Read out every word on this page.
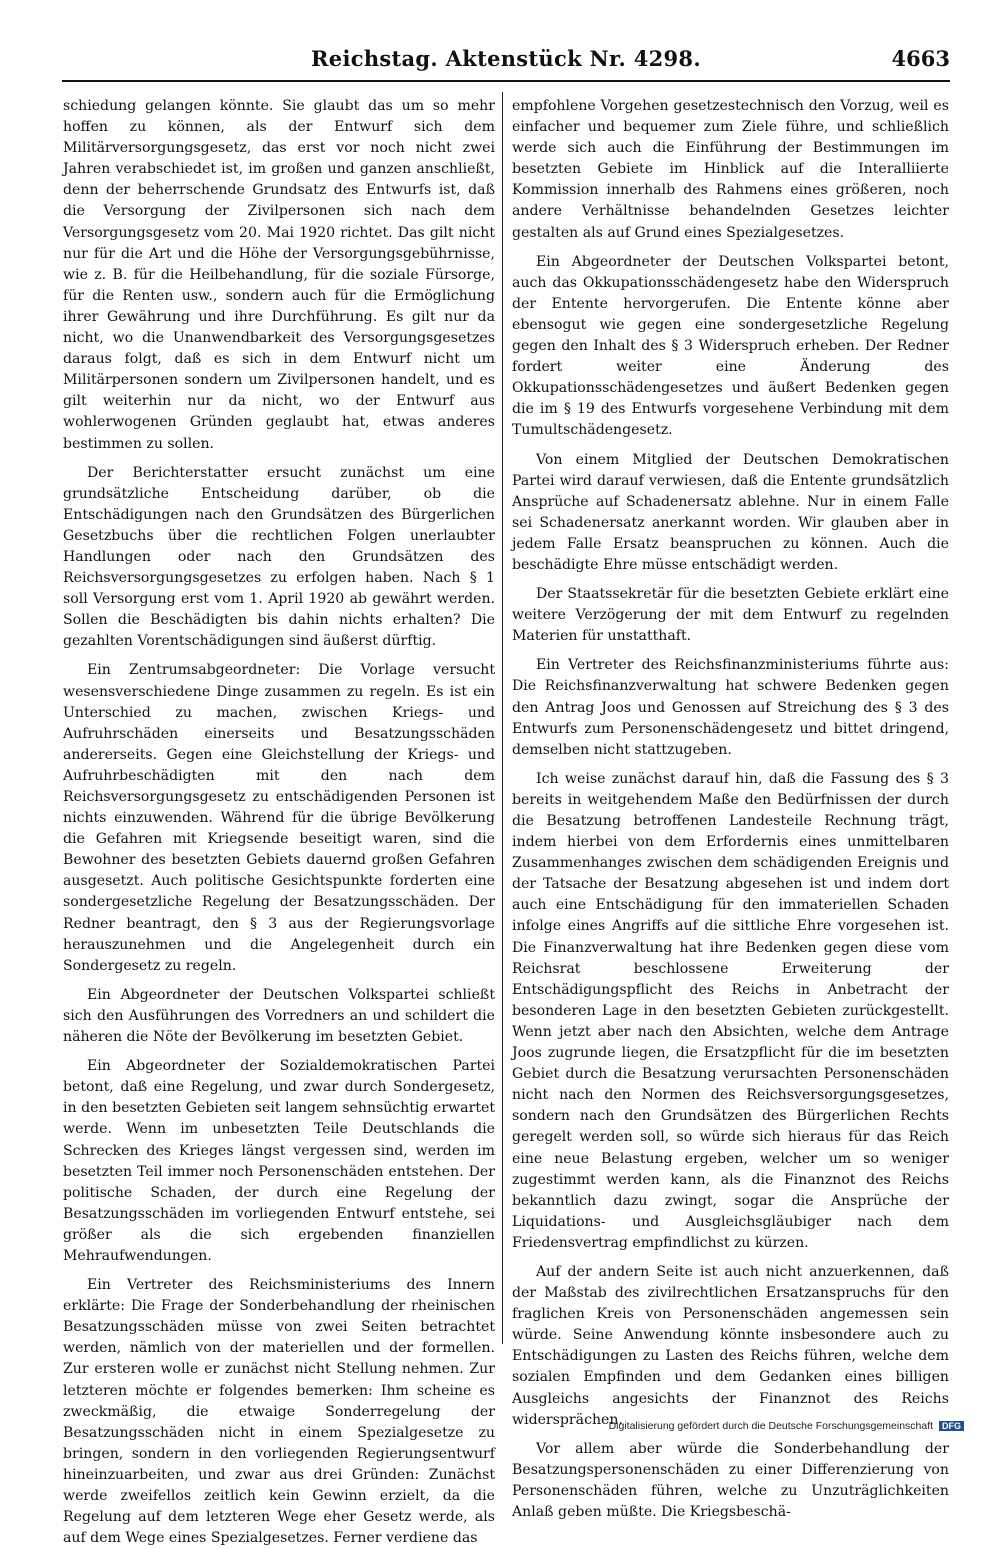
Reichstag. Aktenstück Nr. 4298.	4663

schiedung gelangen könnte. Sie glaubt das um so mehr hoffen zu können, als der Entwurf sich dem Militärversorgungsgesetz, das erst vor noch nicht zwei Jahren verabschiedet ist, im großen und ganzen anschließt, denn der beherrschende Grundsatz des Entwurfs ist, daß die Versorgung der Zivilpersonen sich nach dem Versorgungsgesetz vom 20. Mai 1920 richtet. Das gilt nicht nur für die Art und die Höhe der Versorgungsgebührnisse, wie z. B. für die Heilbehandlung, für die soziale Fürsorge, für die Renten usw., sondern auch für die Ermöglichung ihrer Gewährung und ihre Durchführung. Es gilt nur da nicht, wo die Unanwendbarkeit des Versorgungsgesetzes daraus folgt, daß es sich in dem Entwurf nicht um Militärpersonen sondern um Zivilpersonen handelt, und es gilt weiterhin nur da nicht, wo der Entwurf aus wohlerwogenen Gründen geglaubt hat, etwas anderes bestimmen zu sollen.

Der Berichterstatter ersucht zunächst um eine grundsätzliche Entscheidung darüber, ob die Entschädigungen nach den Grundsätzen des Bürgerlichen Gesetzbuchs über die rechtlichen Folgen unerlaubter Handlungen oder nach den Grundsätzen des Reichsversorgungsgesetzes zu erfolgen haben. Nach § 1 soll Versorgung erst vom 1. April 1920 ab gewährt werden. Sollen die Beschädigten bis dahin nichts erhalten? Die gezahlten Vorentschädigungen sind äußerst dürftig.

Ein Zentrumsabgeordneter: Die Vorlage versucht wesensverschiedene Dinge zusammen zu regeln. Es ist ein Unterschied zu machen, zwischen Kriegs- und Aufruhrschäden einerseits und Besatzungsschäden andererseits. Gegen eine Gleichstellung der Kriegs- und Aufruhrbeschädigten mit den nach dem Reichsversorgungsgesetz zu entschädigenden Personen ist nichts einzuwenden. Während für die übrige Bevölkerung die Gefahren mit Kriegsende beseitigt waren, sind die Bewohner des besetzten Gebiets dauernd großen Gefahren ausgesetzt. Auch politische Gesichtspunkte forderten eine sondergesetzliche Regelung der Besatzungsschäden. Der Redner beantragt, den § 3 aus der Regierungsvorlage herauszunehmen und die Angelegenheit durch ein Sondergesetz zu regeln.

Ein Abgeordneter der Deutschen Volkspartei schließt sich den Ausführungen des Vorredners an und schildert die näheren die Nöte der Bevölkerung im besetzten Gebiet.

Ein Abgeordneter der Sozialdemokratischen Partei betont, daß eine Regelung, und zwar durch Sondergesetz, in den besetzten Gebieten seit langem sehnsüchtig erwartet werde. Wenn im unbesetzten Teile Deutschlands die Schrecken des Krieges längst vergessen sind, werden im besetzten Teil immer noch Personenschäden entstehen. Der politische Schaden, der durch eine Regelung der Besatzungsschäden im vorliegenden Entwurf entstehe, sei größer als die sich ergebenden finanziellen Mehraufwendungen.

Ein Vertreter des Reichsministeriums des Innern erklärte: Die Frage der Sonderbehandlung der rheinischen Besatzungsschäden müsse von zwei Seiten betrachtet werden, nämlich von der materiellen und der formellen. Zur ersteren wolle er zunächst nicht Stellung nehmen. Zur letzteren möchte er folgendes bemerken: Ihm scheine es zweckmäßig, die etwaige Sonderregelung der Besatzungsschäden nicht in einem Spezialgesetze zu bringen, sondern in den vorliegenden Regierungsentwurf hineinzuarbeiten, und zwar aus drei Gründen: Zunächst werde zweifellos zeitlich kein Gewinn erzielt, da die Regelung auf dem letzteren Wege eher Gesetz werde, als auf dem Wege eines Spezialgesetzes. Ferner verdiene das

empfohlene Vorgehen gesetzestechnisch den Vorzug, weil es einfacher und bequemer zum Ziele führe, und schließlich werde sich auch die Einführung der Bestimmungen im besetzten Gebiete im Hinblick auf die Interalliierte Kommission innerhalb des Rahmens eines größeren, noch andere Verhältnisse behandelnden Gesetzes leichter gestalten als auf Grund eines Spezialgesetzes.

Ein Abgeordneter der Deutschen Volkspartei betont, auch das Okkupationsschädengesetz habe den Widerspruch der Entente hervorgerufen. Die Entente könne aber ebensogut wie gegen eine sondergesetzliche Regelung gegen den Inhalt des § 3 Widerspruch erheben. Der Redner fordert weiter eine Änderung des Okkupationsschädengesetzes und äußert Bedenken gegen die im § 19 des Entwurfs vorgesehene Verbindung mit dem Tumultschädengesetz.

Von einem Mitglied der Deutschen Demokratischen Partei wird darauf verwiesen, daß die Entente grundsätzlich Ansprüche auf Schadenersatz ablehne. Nur in einem Falle sei Schadenersatz anerkannt worden. Wir glauben aber in jedem Falle Ersatz beanspruchen zu können. Auch die beschädigte Ehre müsse entschädigt werden.

Der Staatssekretär für die besetzten Gebiete erklärt eine weitere Verzögerung der mit dem Entwurf zu regelnden Materien für unstatthaft.

Ein Vertreter des Reichsfinanzministeriums führte aus: Die Reichsfinanzverwaltung hat schwere Bedenken gegen den Antrag Joos und Genossen auf Streichung des § 3 des Entwurfs zum Personenschädengesetz und bittet dringend, demselben nicht stattzugeben.

Ich weise zunächst darauf hin, daß die Fassung des § 3 bereits in weitgehendem Maße den Bedürfnissen der durch die Besatzung betroffenen Landesteile Rechnung trägt, indem hierbei von dem Erfordernis eines unmittelbaren Zusammenhanges zwischen dem schädigenden Ereignis und der Tatsache der Besatzung abgesehen ist und indem dort auch eine Entschädigung für den immateriellen Schaden infolge eines Angriffs auf die sittliche Ehre vorgesehen ist. Die Finanzverwaltung hat ihre Bedenken gegen diese vom Reichsrat beschlossene Erweiterung der Entschädigungspflicht des Reichs in Anbetracht der besonderen Lage in den besetzten Gebieten zurückgestellt. Wenn jetzt aber nach den Absichten, welche dem Antrage Joos zugrunde liegen, die Ersatzpflicht für die im besetzten Gebiet durch die Besatzung verursachten Personenschäden nicht nach den Normen des Reichsversorgungsgesetzes, sondern nach den Grundsätzen des Bürgerlichen Rechts geregelt werden soll, so würde sich hieraus für das Reich eine neue Belastung ergeben, welcher um so weniger zugestimmt werden kann, als die Finanznot des Reichs bekanntlich dazu zwingt, sogar die Ansprüche der Liquidations- und Ausgleichsgläubiger nach dem Friedensvertrag empfindlichst zu kürzen.

Auf der andern Seite ist auch nicht anzuerkennen, daß der Maßstab des zivilrechtlichen Ersatzanspruchs für den fraglichen Kreis von Personenschäden angemessen sein würde. Seine Anwendung könnte insbesondere auch zu Entschädigungen zu Lasten des Reichs führen, welche dem sozialen Empfinden und dem Gedanken eines billigen Ausgleichs angesichts der Finanznot des Reichs widersprächen.

Vor allem aber würde die Sonderbehandlung der Besatzungspersonenschäden zu einer Differenzierung von Personenschäden führen, welche zu Unzuträglichkeiten Anlaß geben müßte. Die Kriegsbeschä-

Digitalisierung gefördert durch die Deutsche Forschungsgemeinschaft DFG
